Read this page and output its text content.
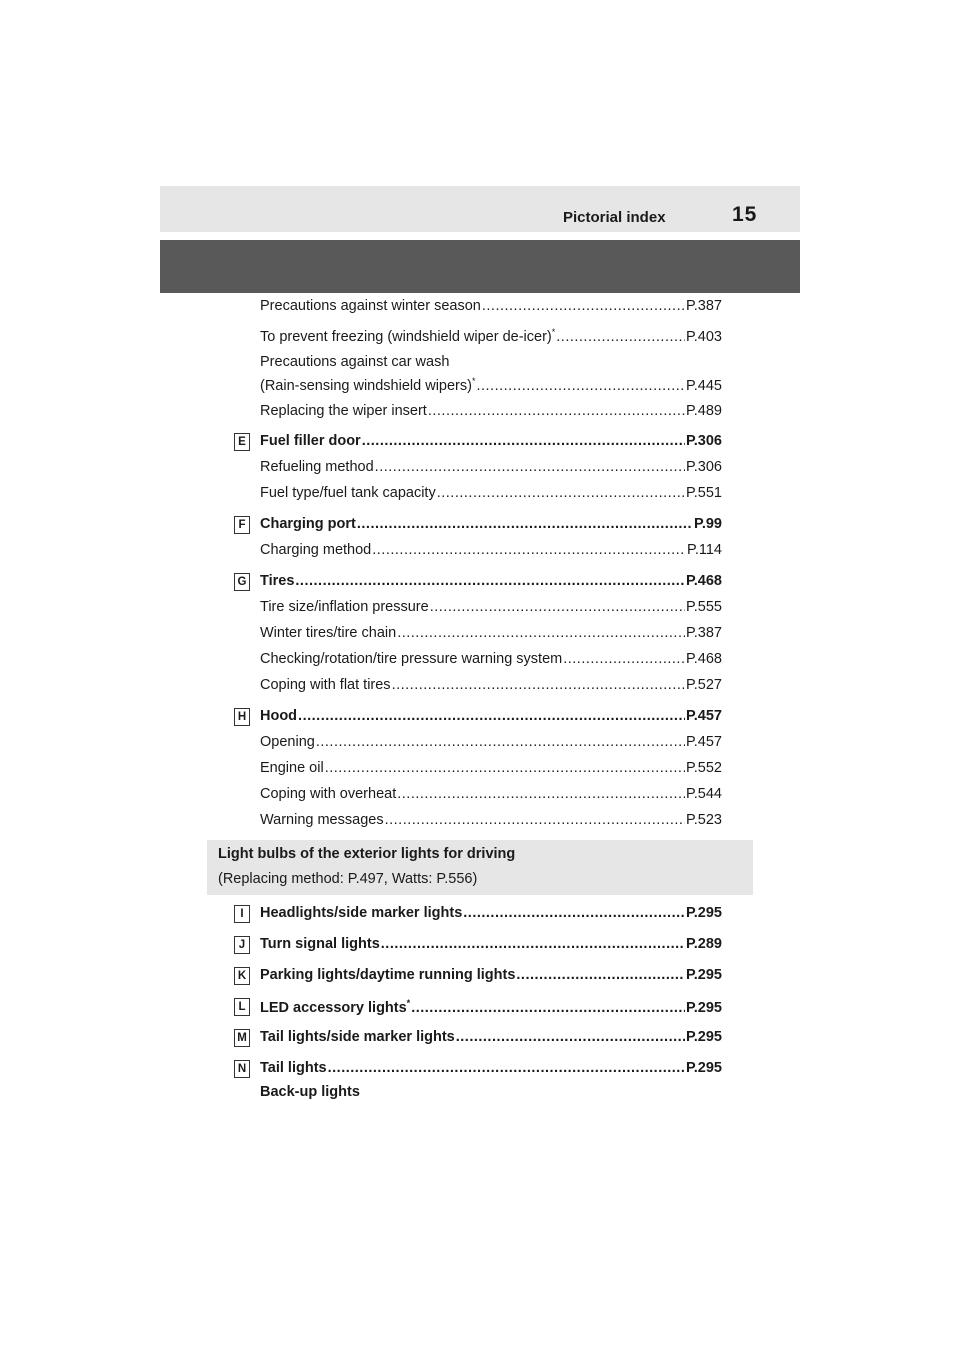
Pictorial index	15
Precautions against winter season .....	P.387
To prevent freezing (windshield wiper de-icer)* .....	P.403
Precautions against car wash
(Rain-sensing windshield wipers)* .....	P.445
Replacing the wiper insert .....	P.489
E Fuel filler door .....	P.306
Refueling method .....	P.306
Fuel type/fuel tank capacity .....	P.551
F Charging port .....	P.99
Charging method .....	P.114
G Tires .....	P.468
Tire size/inflation pressure .....	P.555
Winter tires/tire chain .....	P.387
Checking/rotation/tire pressure warning system .....	P.468
Coping with flat tires .....	P.527
H Hood .....	P.457
Opening .....	P.457
Engine oil .....	P.552
Coping with overheat .....	P.544
Warning messages .....	P.523
Light bulbs of the exterior lights for driving
(Replacing method: P.497, Watts: P.556)
I	Headlights/side marker lights .....	P.295
J	Turn signal lights .....	P.289
K Parking lights/daytime running lights .....	P.295
L LED accessory lights* .....	P.295
M Tail lights/side marker lights .....	P.295
N Tail lights .....	P.295
Back-up lights
